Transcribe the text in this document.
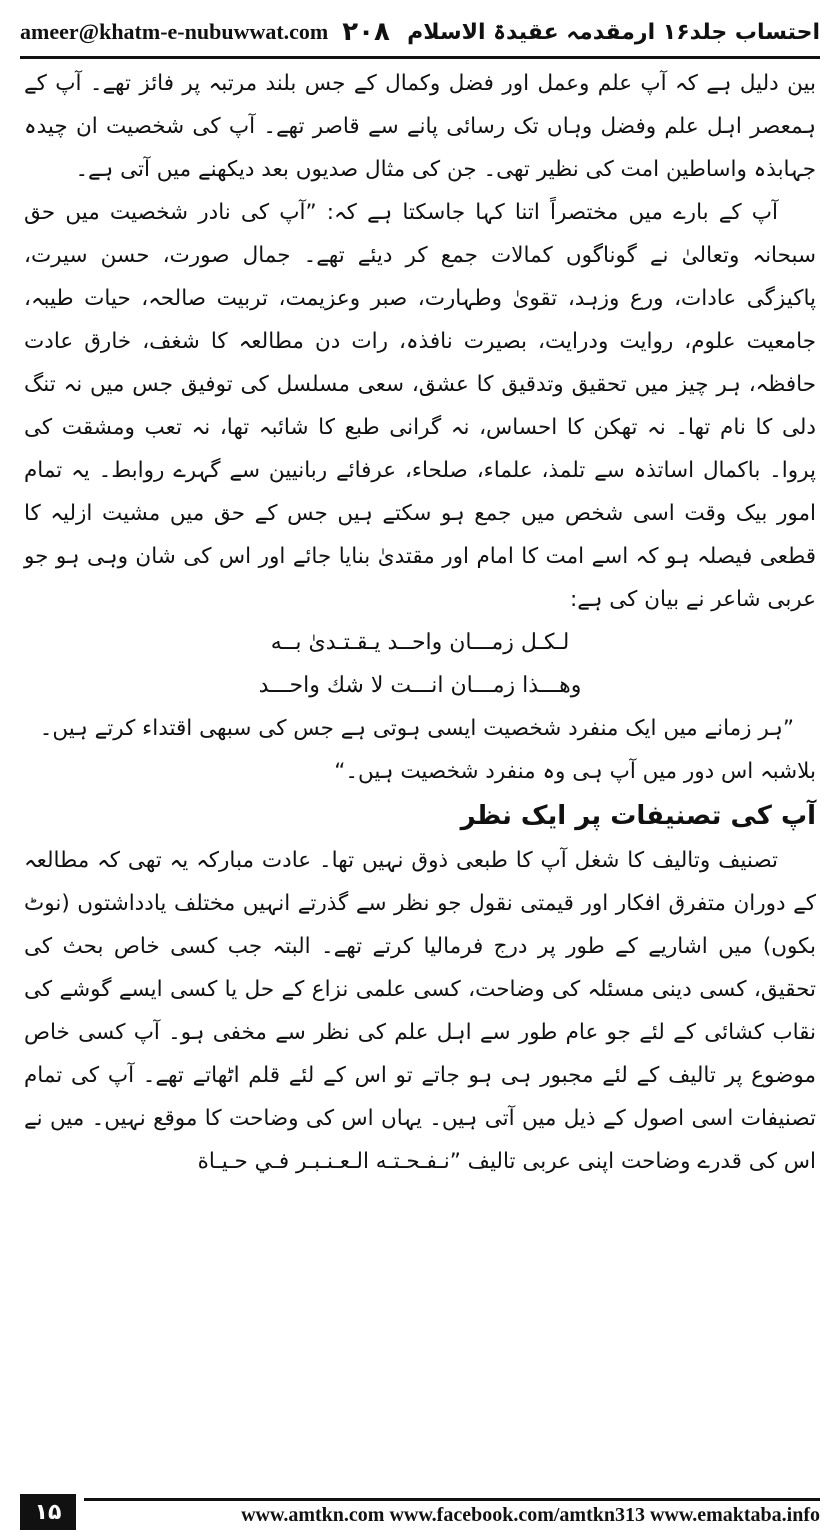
ameer@khatm-e-nubuwwat.com ۲۰۸ احتساب جلد۱۶ ارمقدمہ عقیدۃ الاسلام

بین دلیل ہے کہ آپ علم وعمل اور فضل وکمال کے جس بلند مرتبہ پر فائز تھے۔ آپ کے ہمعصر اہل علم وفضل وہاں تک رسائی پانے سے قاصر تھے۔ آپ کی شخصیت ان چیدہ جہابذہ واساطین امت کی نظیر تھی۔ جن کی مثال صدیوں بعد دیکھنے میں آتی ہے۔

آپ کے بارے میں مختصراً اتنا کہا جاسکتا ہے کہ: ”آپ کی نادر شخصیت میں حق سبحانہ وتعالیٰ نے گوناگوں کمالات جمع کر دیئے تھے۔ جمال صورت، حسن سیرت، پاکیزگی عادات، ورع وزہد، تقویٰ وطہارت، صبر وعزیمت، تربیت صالحہ، حیات طیبہ، جامعیت علوم، روایت ودرایت، بصیرت نافذہ، رات دن مطالعہ کا شغف، خارق عادت حافظہ، ہر چیز میں تحقیق وتدقیق کا عشق، سعی مسلسل کی توفیق جس میں نہ تنگ دلی کا نام تھا۔ نہ تھکن کا احساس، نہ گرانی طبع کا شائبہ تھا، نہ تعب ومشقت کی پروا۔ باکمال اساتذہ سے تلمذ، علماء، صلحاء، عرفائے ربانیین سے گہرے روابط۔ یہ تمام امور بیک وقت اسی شخص میں جمع ہو سکتے ہیں جس کے حق میں مشیت ازلیہ کا قطعی فیصلہ ہو کہ اسے امت کا امام اور مقتدیٰ بنایا جائے اور اس کی شان وہی ہو جو عربی شاعر نے بیان کی ہے:

لـكـل زمـــان واحــد يـقـتـدىٰ بــه

وهـــذا زمـــان انـــت لا شك واحـــد

”ہر زمانے میں ایک منفرد شخصیت ایسی ہوتی ہے جس کی سبھی اقتداء کرتے ہیں۔

بلاشبہ اس دور میں آپ ہی وہ منفرد شخصیت ہیں۔“

آپ کی تصنیفات پر ایک نظر

تصنیف وتالیف کا شغل آپ کا طبعی ذوق نہیں تھا۔ عادت مبارکہ یہ تھی کہ مطالعہ کے دوران متفرق افکار اور قیمتی نقول جو نظر سے گذرتے انہیں مختلف یادداشتوں (نوٹ بکوں) میں اشاریے کے طور پر درج فرمالیا کرتے تھے۔ البتہ جب کسی خاص بحث کی تحقیق، کسی دینی مسئلہ کی وضاحت، کسی علمی نزاع کے حل یا کسی ایسے گوشے کی نقاب کشائی کے لئے جو عام طور سے اہل علم کی نظر سے مخفی ہو۔ آپ کسی خاص موضوع پر تالیف کے لئے مجبور ہی ہو جاتے تو اس کے لئے قلم اٹھاتے تھے۔ آپ کی تمام تصنیفات اسی اصول کے ذیل میں آتی ہیں۔ یہاں اس کی وضاحت کا موقع نہیں۔ میں نے اس کی قدرے وضاحت اپنی عربی تالیف ”نـفـحـتـه الـعـنـبـر فـي حـيـاة

۱۵	www.amtkn.com www.facebook.com/amtkn313 www.emaktaba.info
